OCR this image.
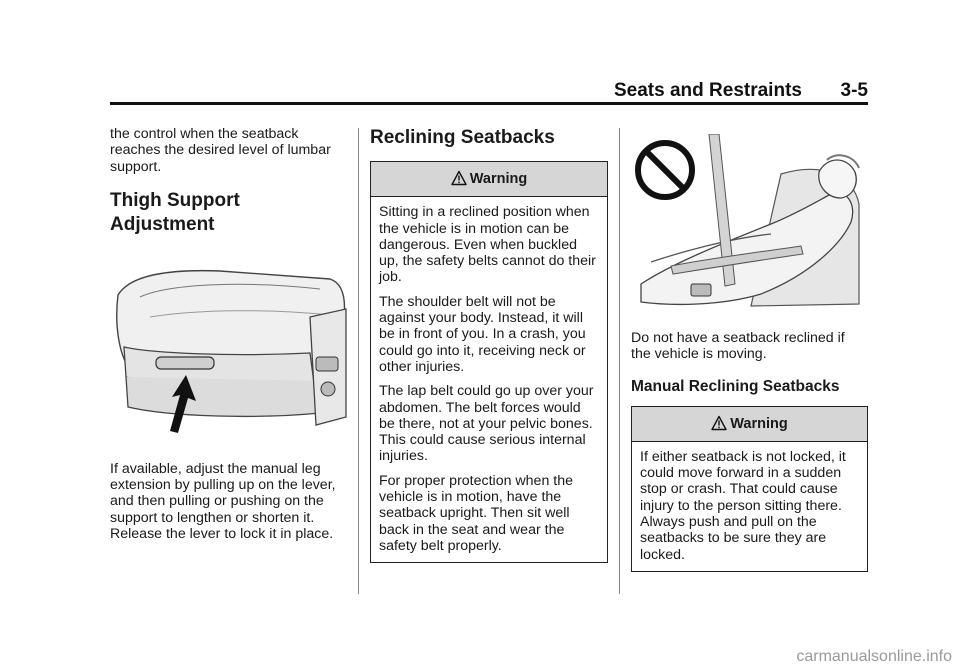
Seats and Restraints 3-5

the control when the seatback reaches the desired level of lumbar support.

Thigh Support
Adjustment

If available, adjust the manual leg extension by pulling up on the lever, and then pulling or pushing on the support to lengthen or shorten it. Release the lever to lock it in place.

Reclining Seatbacks
Warning

Sitting in a reclined position when the vehicle is in motion can be dangerous. Even when buckled up, the safety belts cannot do their job.

The shoulder belt will not be against your body. Instead, it will be in front of you. In a crash, you could go into it, receiving neck or other injuries.

The lap belt could go up over your abdomen. The belt forces would be there, not at your pelvic bones. This could cause serious internal injuries.

For proper protection when the vehicle is in motion, have the seatback upright. Then sit well back in the seat and wear the safety belt properly.

Do not have a seatback reclined if the vehicle is moving.

Manual Reclining Seatbacks
Warning

If either seatback is not locked, it could move forward in a sudden stop or crash. That could cause injury to the person sitting there. Always push and pull on the seatbacks to be sure they are locked.

carmanualsonline.info
